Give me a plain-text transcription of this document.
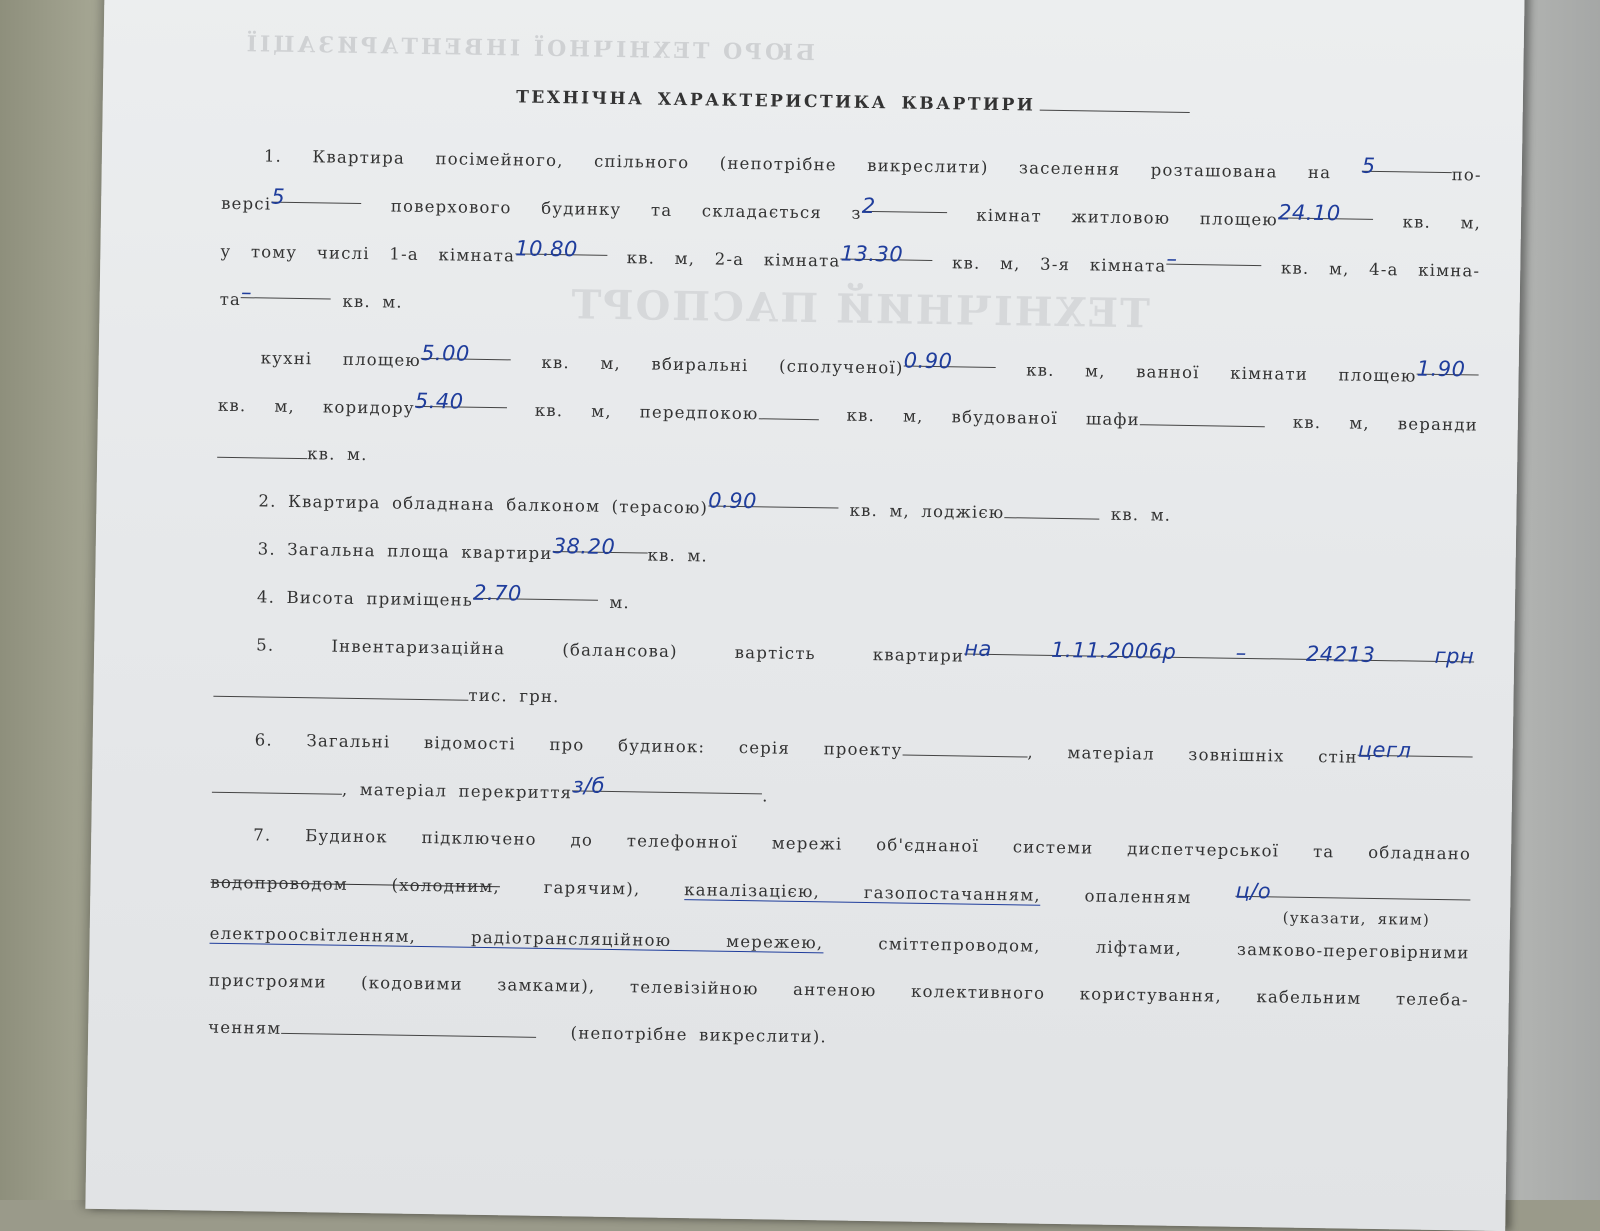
БЮРО ТЕХНІЧНОЇ ІНВЕНТАРИЗАЦІЇ
ТЕХНІЧНИЙ ПАСПОРТ
ТЕХНІЧНА ХАРАКТЕРИСТИКА КВАРТИРИ

1. Квартира посімейного, спільного (непотрібне викреслити) заселення розташована на 5	по-

версі5	поверхового будинку та складається з2	кімнат житловою площею24.10	кв. м,

у тому числі 1-а кімната10.80	кв. м, 2-а кімната13.30	кв. м, 3-я кімната–	кв. м, 4-а кімна-

та–	кв. м.

кухні площею5.00	кв. м, вбиральні (сполученої)0.90	кв. м, ванної кімнати площею1.90

кв. м, коридору5.40	кв. м, передпокою	кв. м, вбудованої шафи	кв. м, веранди

кв. м.

2. Квартира обладнана балконом (терасою)0.90	кв. м, лоджією	кв. м.

3. Загальна площа квартири38.20 кв. м.

4. Висота приміщень2.70	м.

5. Інвентаризаційна (балансова) вартість квартирина 1.11.2006р – 24213 грн

тис. грн.

6. Загальні відомості про будинок: серія проекту	, матеріал зовнішніх стінцегл

, матеріал перекриттяз/б	.

7. Будинок підключено до телефонної мережі об'єднаної системи диспетчерської та обладнано

водопроводом (холодним,	гарячим),	каналізацією, газопостачанням,	опаленням ц/о

(указати, яким)

електроосвітленням, радіотрансляційною мережею,	сміттепроводом, ліфтами, замково-переговірними

пристроями (кодовими замками), телевізійною антеною колективного користування, кабельним телеба-

ченням	(непотрібне викреслити).
